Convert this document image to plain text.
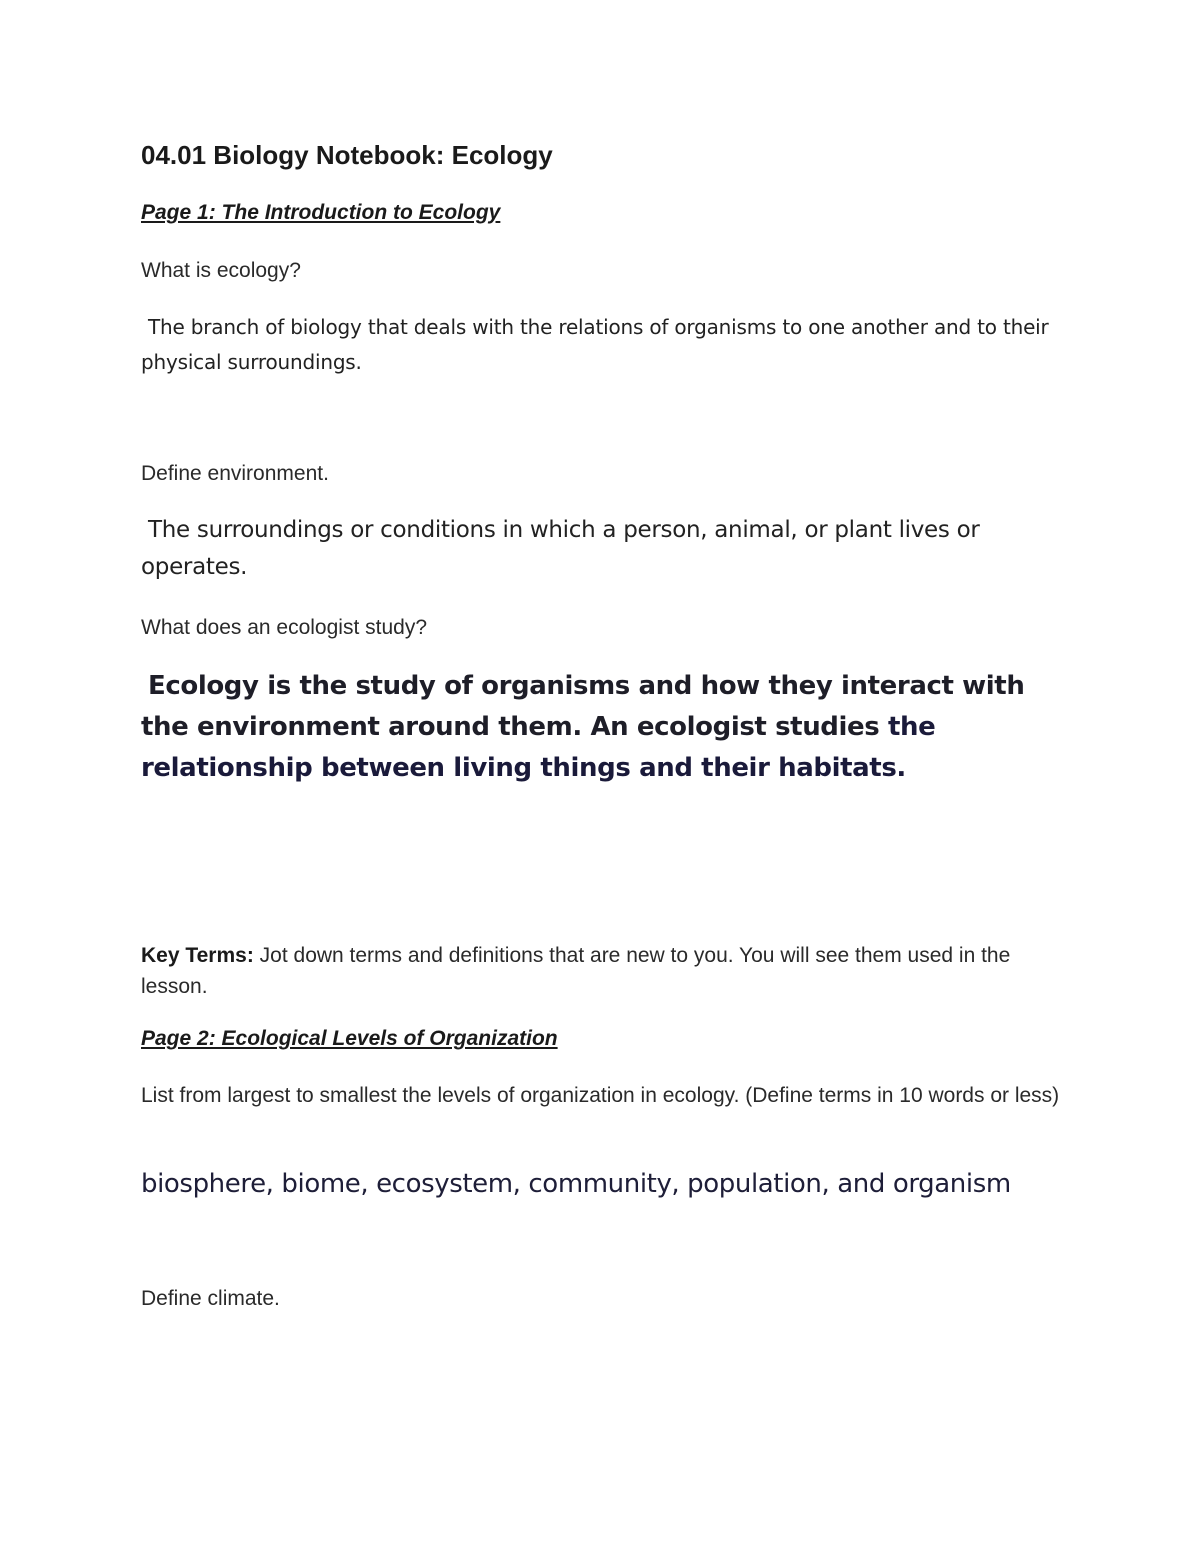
04.01 Biology Notebook: Ecology

Page 1: The Introduction to Ecology

What is ecology?

The branch of biology that deals with the relations of organisms to one another and to their physical surroundings.

Define environment.

The surroundings or conditions in which a person, animal, or plant lives or operates.

What does an ecologist study?

Ecology is the study of organisms and how they interact with the environment around them. An ecologist studies the relationship between living things and their habitats.

Key Terms: Jot down terms and definitions that are new to you. You will see them used in the lesson.

Page 2: Ecological Levels of Organization

List from largest to smallest the levels of organization in ecology. (Define terms in 10 words or less)

biosphere, biome, ecosystem, community, population, and organism

Define climate.
